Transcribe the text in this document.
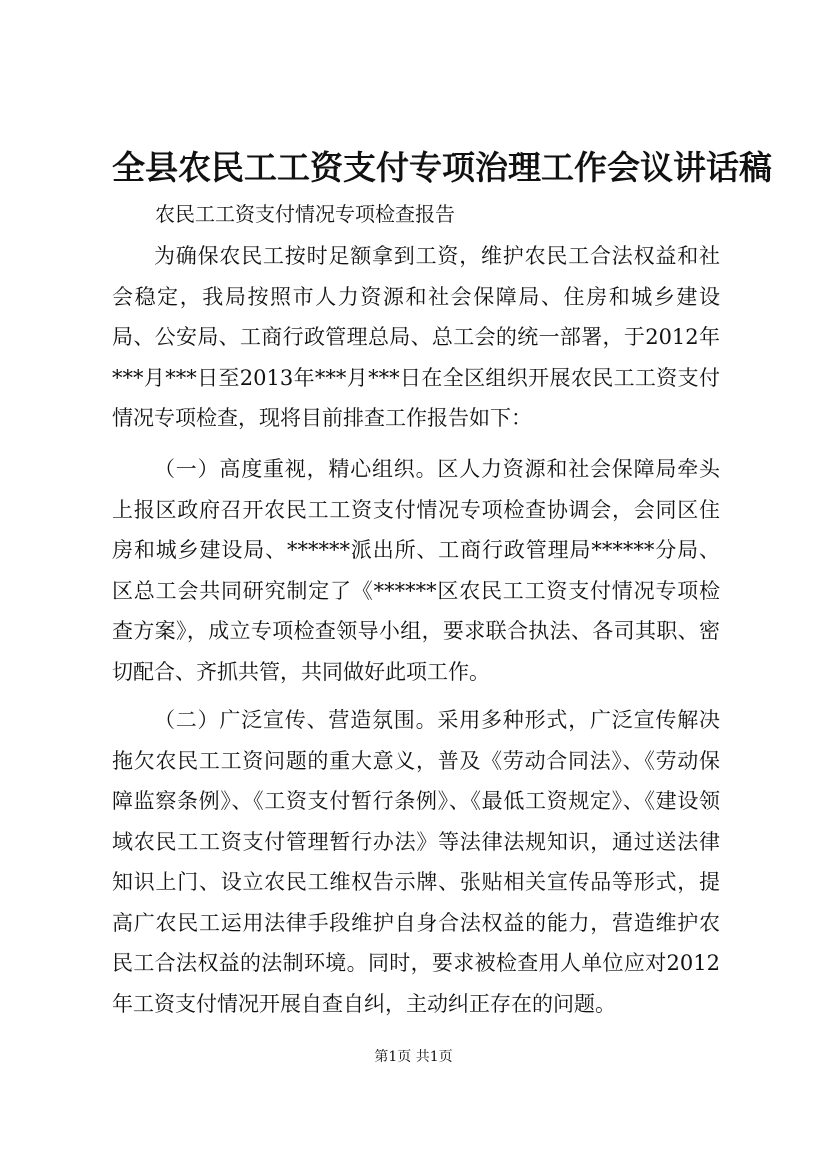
全县农民工工资支付专项治理工作会议讲话稿

农民工工资支付情况专项检查报告

为确保农民工按时足额拿到工资，维护农民工合法权益和社会稳定，我局按照市人力资源和社会保障局、住房和城乡建设局、公安局、工商行政管理总局、总工会的统一部署，于2012年***月***日至2013年***月***日在全区组织开展农民工工资支付情况专项检查，现将目前排查工作报告如下：

（一）高度重视，精心组织。区人力资源和社会保障局牵头上报区政府召开农民工工资支付情况专项检查协调会，会同区住房和城乡建设局、******派出所、工商行政管理局******分局、区总工会共同研究制定了《******区农民工工资支付情况专项检查方案》，成立专项检查领导小组，要求联合执法、各司其职、密切配合、齐抓共管，共同做好此项工作。

（二）广泛宣传、营造氛围。采用多种形式，广泛宣传解决拖欠农民工工资问题的重大意义，普及《劳动合同法》、《劳动保障监察条例》、《工资支付暂行条例》、《最低工资规定》、《建设领域农民工工资支付管理暂行办法》等法律法规知识，通过送法律知识上门、设立农民工维权告示牌、张贴相关宣传品等形式，提高广农民工运用法律手段维护自身合法权益的能力，营造维护农民工合法权益的法制环境。同时，要求被检查用人单位应对2012年工资支付情况开展自查自纠，主动纠正存在的问题。

第1页 共1页
